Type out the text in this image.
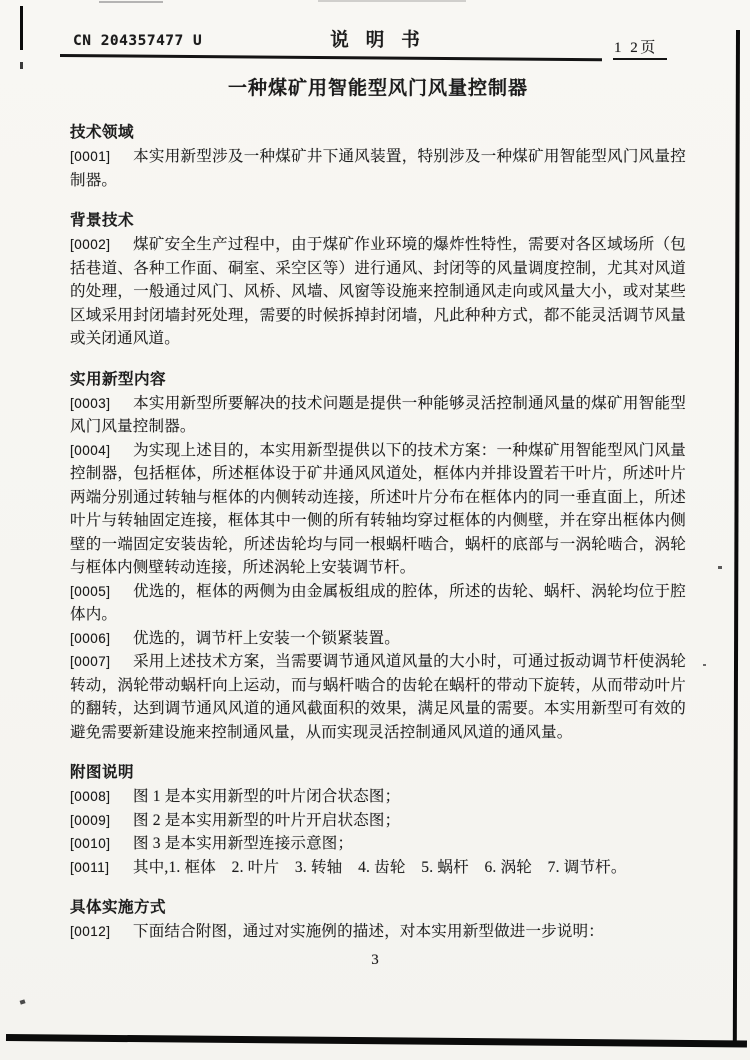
CN 204357477 U	说明书	1 2页
一种煤矿用智能型风门风量控制器
技术领域

[0001] 本实用新型涉及一种煤矿井下通风装置，特别涉及一种煤矿用智能型风门风量控制器。

背景技术

[0002] 煤矿安全生产过程中，由于煤矿作业环境的爆炸性特性，需要对各区域场所（包括巷道、各种工作面、硐室、采空区等）进行通风、封闭等的风量调度控制，尤其对风道的处理，一般通过风门、风桥、风墙、风窗等设施来控制通风走向或风量大小，或对某些区域采用封闭墙封死处理，需要的时候拆掉封闭墙，凡此种种方式，都不能灵活调节风量或关闭通风道。

实用新型内容

[0003] 本实用新型所要解决的技术问题是提供一种能够灵活控制通风量的煤矿用智能型风门风量控制器。

[0004] 为实现上述目的，本实用新型提供以下的技术方案：一种煤矿用智能型风门风量控制器，包括框体，所述框体设于矿井通风风道处，框体内并排设置若干叶片，所述叶片两端分别通过转轴与框体的内侧转动连接，所述叶片分布在框体内的同一垂直面上，所述叶片与转轴固定连接，框体其中一侧的所有转轴均穿过框体的内侧壁，并在穿出框体内侧壁的一端固定安装齿轮，所述齿轮均与同一根蜗杆啮合，蜗杆的底部与一涡轮啮合，涡轮与框体内侧壁转动连接，所述涡轮上安装调节杆。

[0005] 优选的，框体的两侧为由金属板组成的腔体，所述的齿轮、蜗杆、涡轮均位于腔体内。

[0006] 优选的，调节杆上安装一个锁紧装置。

[0007] 采用上述技术方案，当需要调节通风道风量的大小时，可通过扳动调节杆使涡轮转动，涡轮带动蜗杆向上运动，而与蜗杆啮合的齿轮在蜗杆的带动下旋转，从而带动叶片的翻转，达到调节通风风道的通风截面积的效果，满足风量的需要。本实用新型可有效的避免需要新建设施来控制通风量，从而实现灵活控制通风风道的通风量。

附图说明

[0008] 图 1 是本实用新型的叶片闭合状态图；

[0009] 图 2 是本实用新型的叶片开启状态图；

[0010] 图 3 是本实用新型连接示意图；

[0011] 其中,1. 框体　2. 叶片　3. 转轴　4. 齿轮　5. 蜗杆　6. 涡轮　7. 调节杆。

具体实施方式

[0012] 下面结合附图，通过对实施例的描述，对本实用新型做进一步说明：

3
